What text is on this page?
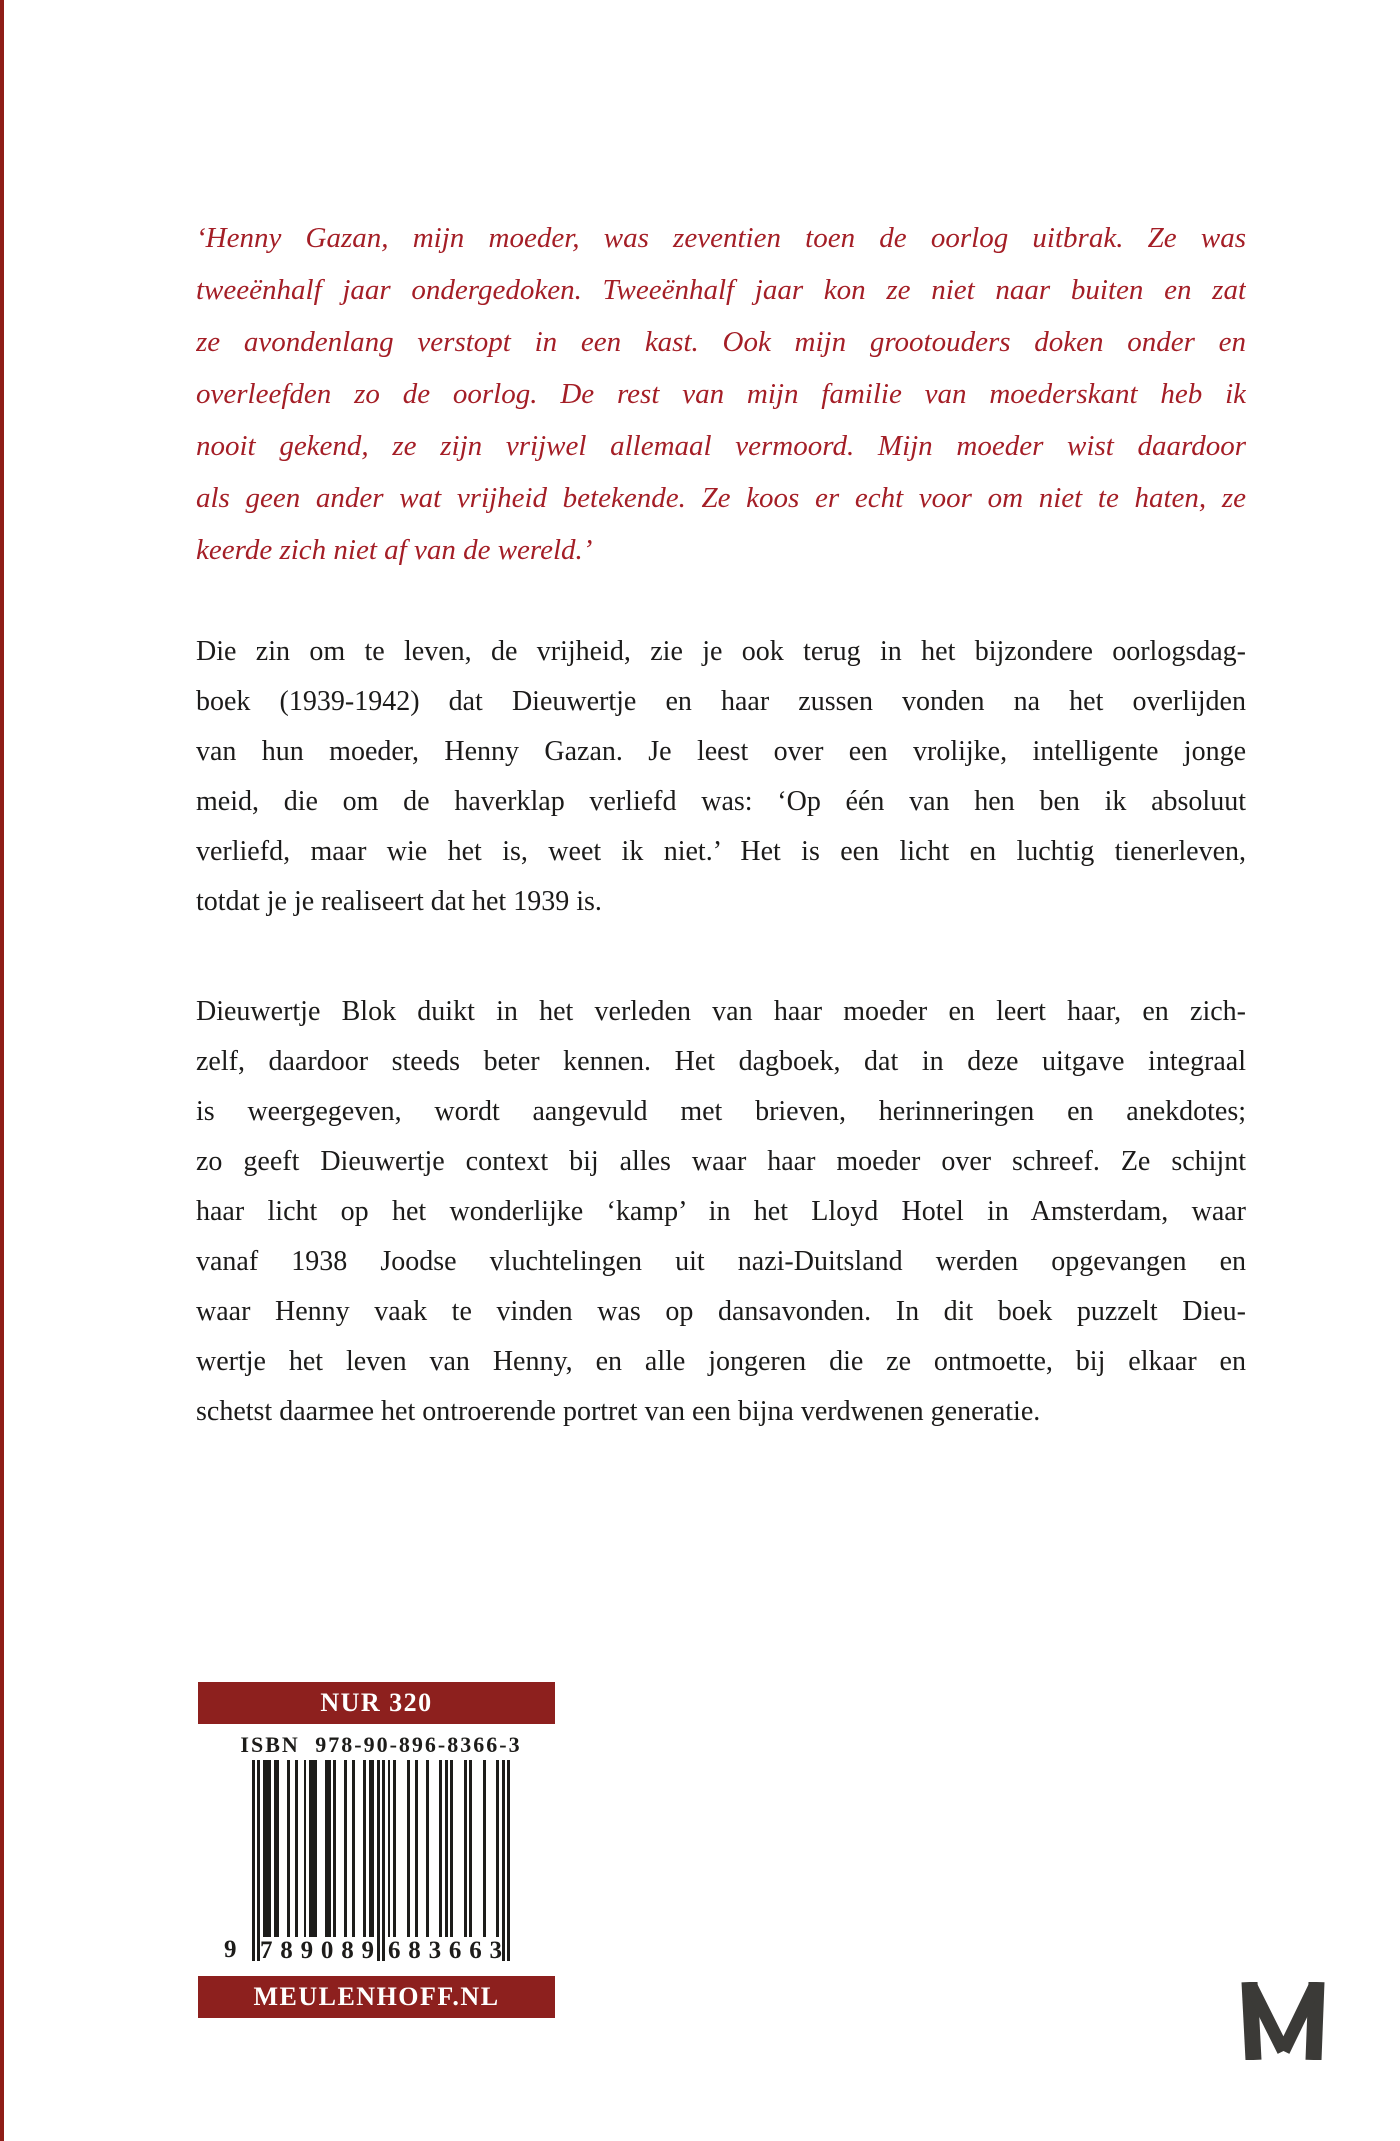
‘Henny Gazan, mijn moeder, was zeventien toen de oorlog uitbrak. Ze was
tweeënhalf jaar ondergedoken. Tweeënhalf jaar kon ze niet naar buiten en zat
ze avondenlang verstopt in een kast. Ook mijn grootouders doken onder en
overleefden zo de oorlog. De rest van mijn familie van moederskant heb ik
nooit gekend, ze zijn vrijwel allemaal vermoord. Mijn moeder wist daardoor
als geen ander wat vrijheid betekende. Ze koos er echt voor om niet te haten, ze
keerde zich niet af van de wereld.’
Die zin om te leven, de vrijheid, zie je ook terug in het bijzondere oorlogsdag-
boek (1939-1942) dat Dieuwertje en haar zussen vonden na het overlijden
van hun moeder, Henny Gazan. Je leest over een vrolijke, intelligente jonge
meid, die om de haverklap verliefd was: ‘Op één van hen ben ik absoluut
verliefd, maar wie het is, weet ik niet.’ Het is een licht en luchtig tienerleven,
totdat je je realiseert dat het 1939 is.
Dieuwertje Blok duikt in het verleden van haar moeder en leert haar, en zich-
zelf, daardoor steeds beter kennen. Het dagboek, dat in deze uitgave integraal
is weergegeven, wordt aangevuld met brieven, herinneringen en anekdotes;
zo geeft Dieuwertje context bij alles waar haar moeder over schreef. Ze schijnt
haar licht op het wonderlijke ‘kamp’ in het Lloyd Hotel in Amsterdam, waar
vanaf 1938 Joodse vluchtelingen uit nazi-Duitsland werden opgevangen en
waar Henny vaak te vinden was op dansavonden. In dit boek puzzelt Dieu-
wertje het leven van Henny, en alle jongeren die ze ontmoette, bij elkaar en
schetst daarmee het ontroerende portret van een bijna verdwenen generatie.
NUR 320
ISBN 978-90-896-8366-3
9 7 8 9 0 8 9 6 8 3 6 6 3
MEULENHOFF.NL
